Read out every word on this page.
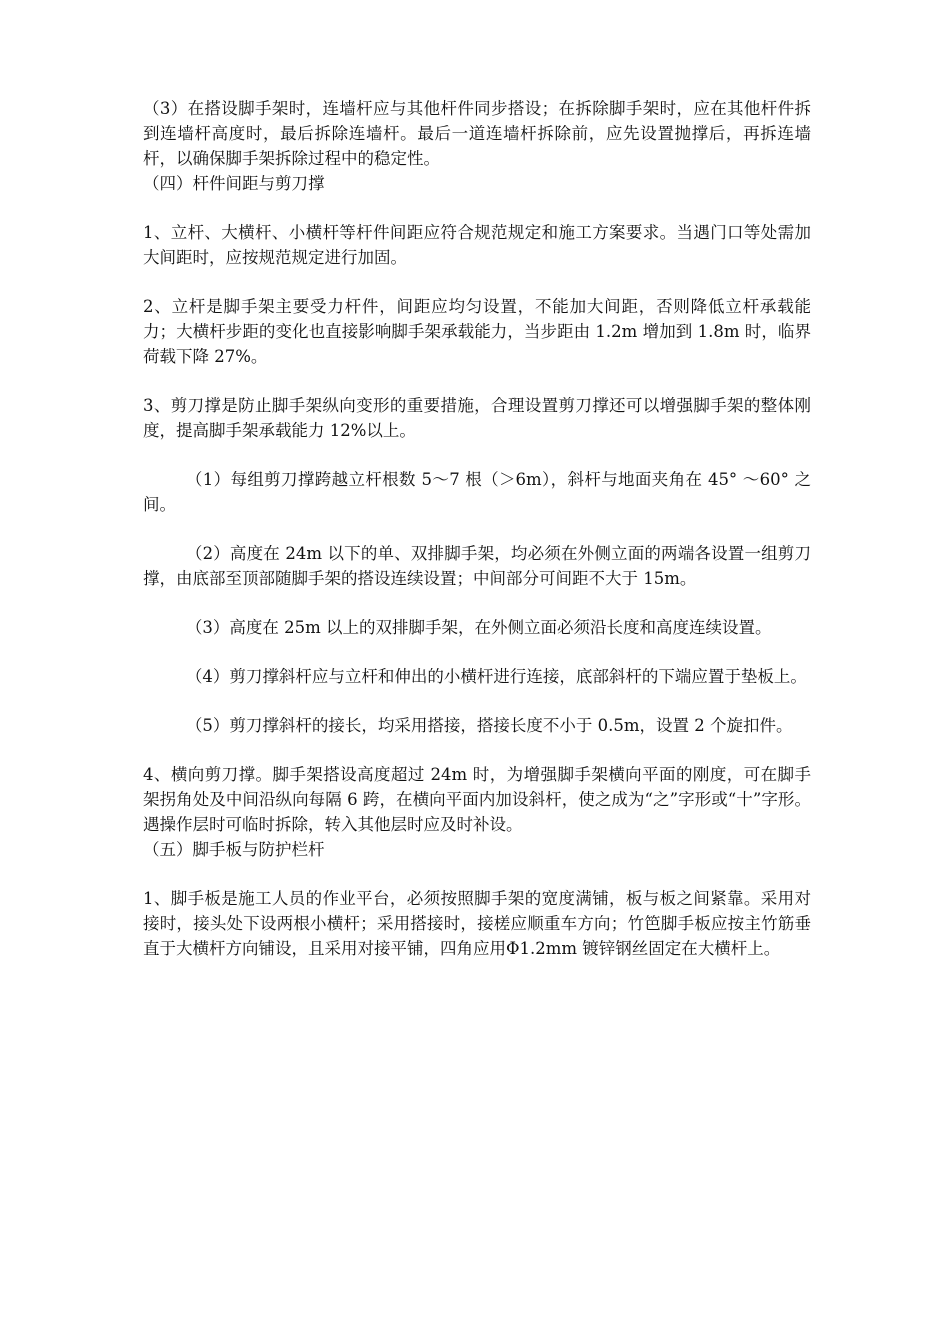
（3）在搭设脚手架时，连墙杆应与其他杆件同步搭设；在拆除脚手架时，应在其他杆件拆到连墙杆高度时，最后拆除连墙杆。最后一道连墙杆拆除前，应先设置抛撑后，再拆连墙杆，以确保脚手架拆除过程中的稳定性。

（四）杆件间距与剪刀撑

1、立杆、大横杆、小横杆等杆件间距应符合规范规定和施工方案要求。当遇门口等处需加大间距时，应按规范规定进行加固。

2、立杆是脚手架主要受力杆件，间距应均匀设置，不能加大间距，否则降低立杆承载能力；大横杆步距的变化也直接影响脚手架承载能力，当步距由 1.2m 增加到 1.8m 时，临界荷载下降 27%。

3、剪刀撑是防止脚手架纵向变形的重要措施，合理设置剪刀撑还可以增强脚手架的整体刚度，提高脚手架承载能力 12%以上。

（1）每组剪刀撑跨越立杆根数 5～7 根（＞6m），斜杆与地面夹角在 45° ～60° 之间。

（2）高度在 24m 以下的单、双排脚手架，均必须在外侧立面的两端各设置一组剪刀撑，由底部至顶部随脚手架的搭设连续设置；中间部分可间距不大于 15m。

（3）高度在 25m 以上的双排脚手架，在外侧立面必须沿长度和高度连续设置。

（4）剪刀撑斜杆应与立杆和伸出的小横杆进行连接，底部斜杆的下端应置于垫板上。

（5）剪刀撑斜杆的接长，均采用搭接，搭接长度不小于 0.5m，设置 2 个旋扣件。

4、横向剪刀撑。脚手架搭设高度超过 24m 时，为增强脚手架横向平面的刚度，可在脚手架拐角处及中间沿纵向每隔 6 跨，在横向平面内加设斜杆，使之成为“之”字形或“十”字形。遇操作层时可临时拆除，转入其他层时应及时补设。

（五）脚手板与防护栏杆

1、脚手板是施工人员的作业平台，必须按照脚手架的宽度满铺，板与板之间紧靠。采用对接时，接头处下设两根小横杆；采用搭接时，接槎应顺重车方向；竹笆脚手板应按主竹筋垂直于大横杆方向铺设，且采用对接平铺，四角应用Φ1.2mm 镀锌钢丝固定在大横杆上。
